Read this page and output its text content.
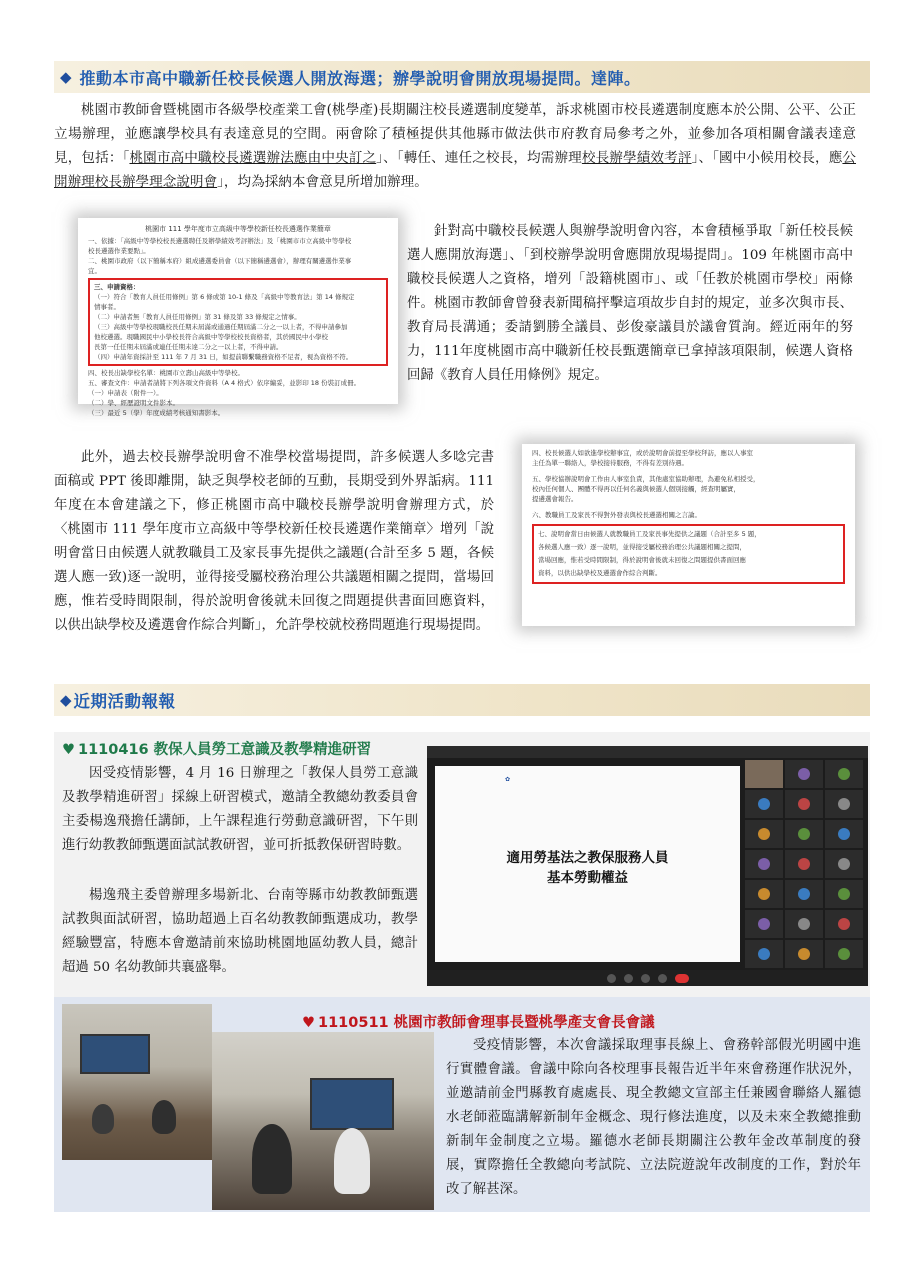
◆ 推動本市高中職新任校長候選人開放海選；辦學說明會開放現場提問。達陣。
桃園市教師會暨桃園市各級學校產業工會(桃學產)長期關注校長遴選制度變革，訴求桃園市校長遴選制度應本於公開、公平、公正立場辦理，並應讓學校具有表達意見的空間。兩會除了積極提供其他縣市做法供市府教育局參考之外，並參加各項相關會議表達意見，包括：「桃園市高中職校長遴選辦法應由中央訂之」、「轉任、連任之校長，均需辦理校長辦學績效考評」、「國中小候用校長，應公開辦理校長辦學理念說明會」，均為採納本會意見所增加辦理。
桃園市 111 學年度市立高級中等學校新任校長遴選作業簡章
一、依據：「高級中等學校校長遴選聘任及辦學績效考評辦法」及「桃園市市立高級中等學校
校長遴選作業要點」。
二、桃園市政府（以下簡稱本府）組成遴選委員會（以下簡稱遴選會），辦理有關遴選作業事
宜。
三、申請資格：
（一）符合「教育人員任用條例」第 6 條或第 10-1 條及「高級中等教育法」第 14 條規定
情事者。
（二）申請者無「教育人員任用條例」第 31 條及第 33 條規定之情事。
（三）高級中等學校現職校長任期未屆滿或通過任期屆滿二分之一以上者，不得申請參加
他校遴選。現職國民中小學校長符合高級中等學校校長資格者，其於國民中小學校
長第一任任期未屆滿或連任任期未達二分之一以上者，不得申請。
（四）申請年資採計至 111 年 7 月 31 日，如提前聯繫職務資格不足者，視為資格不符。
四、校長出缺學校名單：桃園市立壽山高級中等學校。
五、審查文件：申請者請將下列各項文件資料（A 4 格式）依序編妥，並影印 18 份裝訂成冊。
（一）申請表（附件一）。
（二）學、經歷證明文件影本。
（三）最近 5（學）年度成績考核通知書影本。
針對高中職校長候選人與辦學說明會內容，本會積極爭取「新任校長候選人應開放海選」、「到校辦學說明會應開放現場提問」。109 年桃園市高中職校長候選人之資格，增列「設籍桃園市」、或「任教於桃園市學校」兩條件。桃園市教師會曾發表新聞稿抨擊這項故步自封的規定，並多次與市長、教育局長溝通；委請劉勝全議員、彭俊豪議員於議會質詢。經近兩年的努力，111年度桃園市高中職新任校長甄選簡章已拿掉該項限制，候選人資格回歸《教育人員任用條例》規定。
此外，過去校長辦學說明會不准學校當場提問，許多候選人多唸完書面稿或 PPT 後即離開，缺乏與學校老師的互動，長期受到外界詬病。111 年度在本會建議之下，修正桃園市高中職校長辦學說明會辦理方式，於〈桃園市 111 學年度市立高級中等學校新任校長遴選作業簡章〉增列「說明會當日由候選人就教職員工及家長事先提供之議題(合計至多 5 題，各候選人應一致)逐一說明，並得接受屬校務治理公共議題相關之提問，當場回應，惟若受時間限制，得於說明會後就未回復之問題提供書面回應資料，以供出缺學校及遴選會作綜合判斷」，允許學校就校務問題進行現場提問。
四、校長候選人如欲進學校辦事宜，或於說明會前提至學校拜訪，應以人事室
主任為單一聯絡人，學校接待服務，不得有差別待遇。
五、學校協辦說明會工作由人事室負責，其他處室協助辦理，為避免私相授受，
校內任何個人、團體不得再以任何名義與候選人個別接觸，經查明屬實，
提遴選會報告。
六、教職員工及家長不得對外發表與校長遴選相關之言論。
七、說明會當日由候選人就教職員工及家長事先提供之議題（合計至多 5 題，
各候選人應一致）逐一說明，並得接受屬校務治理公共議題相關之提問，
當場回應，惟若受時間限制，得於說明會後就未回復之問題提供書面回應
資料，以供出缺學校及遴選會作綜合判斷。
◆ 近期活動報報
♥ 1110416 教保人員勞工意識及教學精進研習
因受疫情影響，4 月 16 日辦理之「教保人員勞工意識及教學精進研習」採線上研習模式，邀請全教總幼教委員會主委楊逸飛擔任講師，上午課程進行勞動意識研習，下午則進行幼教教師甄選面試試教研習，並可折抵教保研習時數。
楊逸飛主委曾辦理多場新北、台南等縣市幼教教師甄選試教與面試研習，協助超過上百名幼教教師甄選成功，教學經驗豐富，特應本會邀請前來協助桃園地區幼教人員，總計超過 50 名幼教師共襄盛舉。
✿
適用勞基法之教保服務人員
基本勞動權益
♥ 1110511 桃園市教師會理事長暨桃學產支會長會議
受疫情影響，本次會議採取理事長線上、會務幹部假光明國中進行實體會議。會議中除向各校理事長報告近半年來會務運作狀況外，並邀請前金門縣教育處處長、現全教總文宣部主任兼國會聯絡人羅德水老師蒞臨講解新制年金概念、現行修法進度，以及未來全教總推動新制年金制度之立場。羅德水老師長期關注公教年金改革制度的發展，實際擔任全教總向考試院、立法院遊說年改制度的工作，對於年改了解甚深。
